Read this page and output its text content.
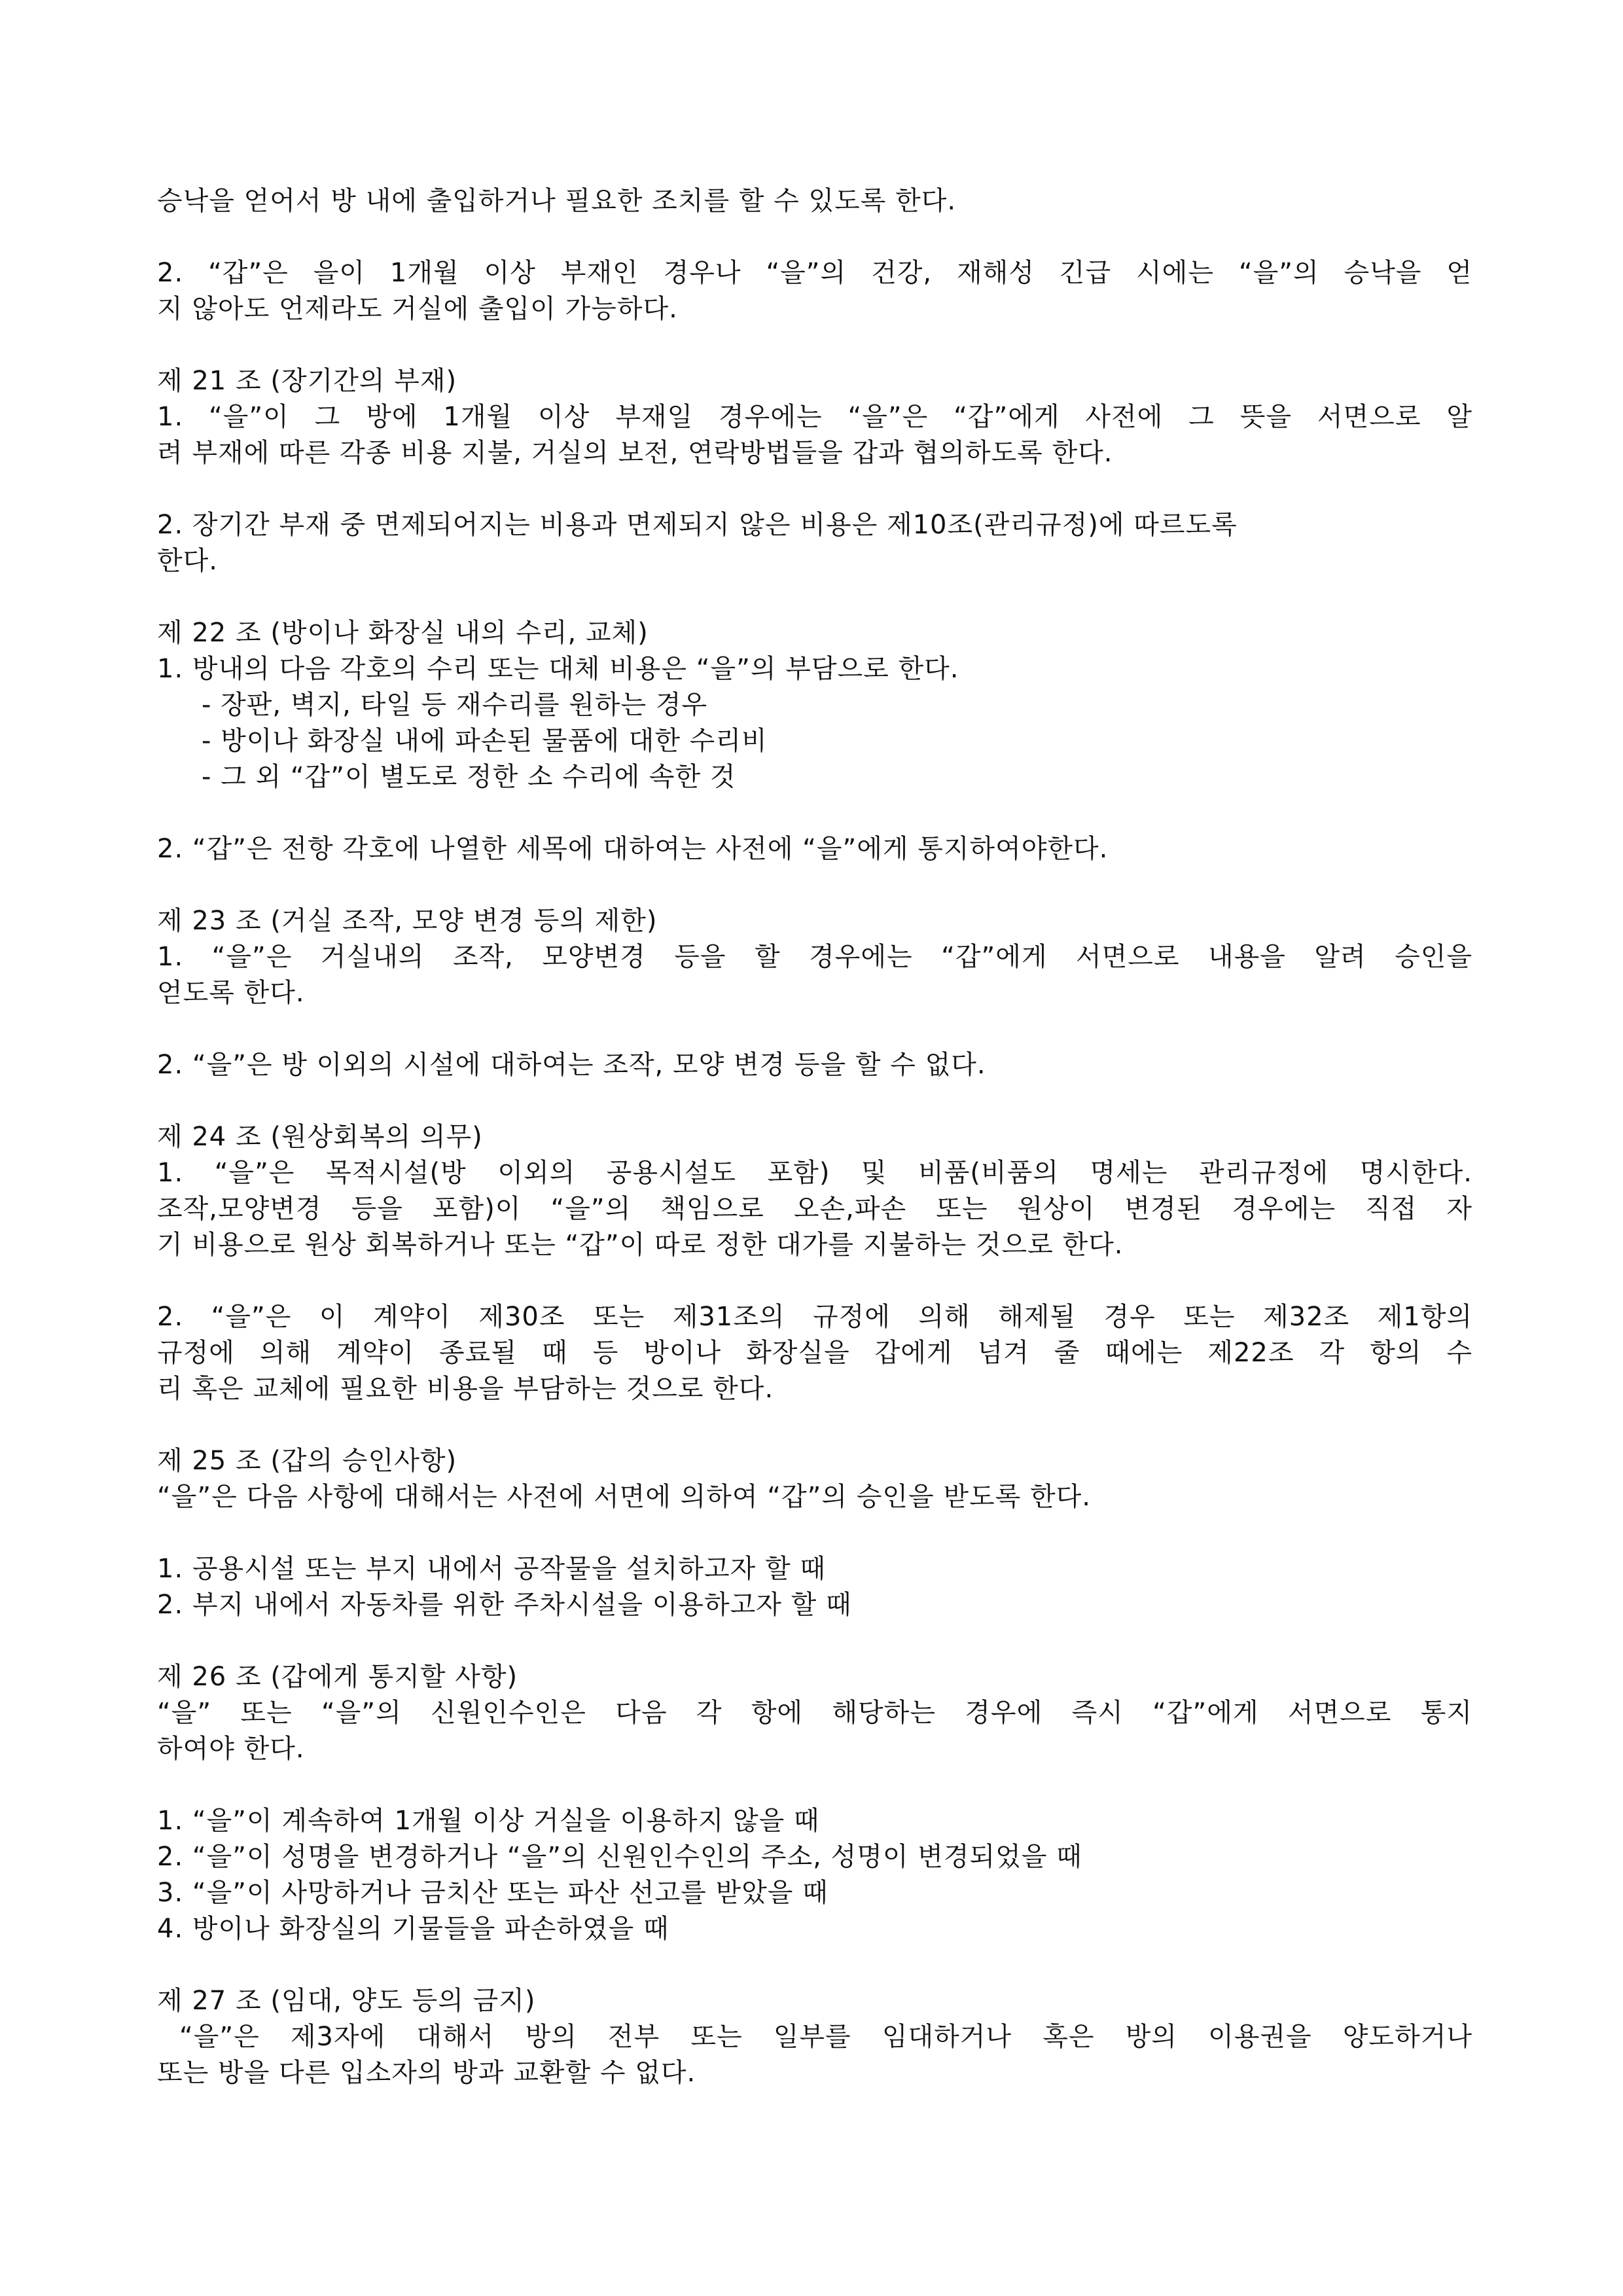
승낙을 얻어서 방 내에 출입하거나 필요한 조치를 할 수 있도록 한다.
2. “갑”은 을이 1개월 이상 부재인 경우나 “을”의 건강, 재해성 긴급 시에는 “을”의 승낙을 얻
지 않아도 언제라도 거실에 출입이 가능하다.
제 21 조 (장기간의 부재)
1. “을”이 그 방에 1개월 이상 부재일 경우에는 “을”은 “갑”에게 사전에 그 뜻을 서면으로 알
려 부재에 따른 각종 비용 지불, 거실의 보전, 연락방법들을 갑과 협의하도록 한다.
2. 장기간 부재 중 면제되어지는 비용과 면제되지 않은 비용은 제10조(관리규정)에 따르도록
한다.
제 22 조 (방이나 화장실 내의 수리, 교체)
1. 방내의 다음 각호의 수리 또는 대체 비용은 “을”의 부담으로 한다.
- 장판, 벽지, 타일 등 재수리를 원하는 경우
- 방이나 화장실 내에 파손된 물품에 대한 수리비
- 그 외 “갑”이 별도로 정한 소 수리에 속한 것
2. “갑”은 전항 각호에 나열한 세목에 대하여는 사전에 “을”에게 통지하여야한다.
제 23 조 (거실 조작, 모양 변경 등의 제한)
1. “을”은 거실내의 조작, 모양변경 등을 할 경우에는 “갑”에게 서면으로 내용을 알려 승인을
얻도록 한다.
2. “을”은 방 이외의 시설에 대하여는 조작, 모양 변경 등을 할 수 없다.
제 24 조 (원상회복의 의무)
1. “을”은 목적시설(방 이외의 공용시설도 포함) 및 비품(비품의 명세는 관리규정에 명시한다.
조작,모양변경 등을 포함)이 “을”의 책임으로 오손,파손 또는 원상이 변경된 경우에는 직접 자
기 비용으로 원상 회복하거나 또는 “갑”이 따로 정한 대가를 지불하는 것으로 한다.
2. “을”은 이 계약이 제30조 또는 제31조의 규정에 의해 해제될 경우 또는 제32조 제1항의
규정에 의해 계약이 종료될 때 등 방이나 화장실을 갑에게 넘겨 줄 때에는 제22조 각 항의 수
리 혹은 교체에 필요한 비용을 부담하는 것으로 한다.
제 25 조 (갑의 승인사항)
“을”은 다음 사항에 대해서는 사전에 서면에 의하여 “갑”의 승인을 받도록 한다.
1. 공용시설 또는 부지 내에서 공작물을 설치하고자 할 때
2. 부지 내에서 자동차를 위한 주차시설을 이용하고자 할 때
제 26 조 (갑에게 통지할 사항)
“을” 또는 “을”의 신원인수인은 다음 각 항에 해당하는 경우에 즉시 “갑”에게 서면으로 통지
하여야 한다.
1. “을”이 계속하여 1개월 이상 거실을 이용하지 않을 때
2. “을”이 성명을 변경하거나 “을”의 신원인수인의 주소, 성명이 변경되었을 때
3. “을”이 사망하거나 금치산 또는 파산 선고를 받았을 때
4. 방이나 화장실의 기물들을 파손하였을 때
제 27 조 (임대, 양도 등의 금지)
“을”은 제3자에 대해서 방의 전부 또는 일부를 임대하거나 혹은 방의 이용권을 양도하거나
또는 방을 다른 입소자의 방과 교환할 수 없다.
